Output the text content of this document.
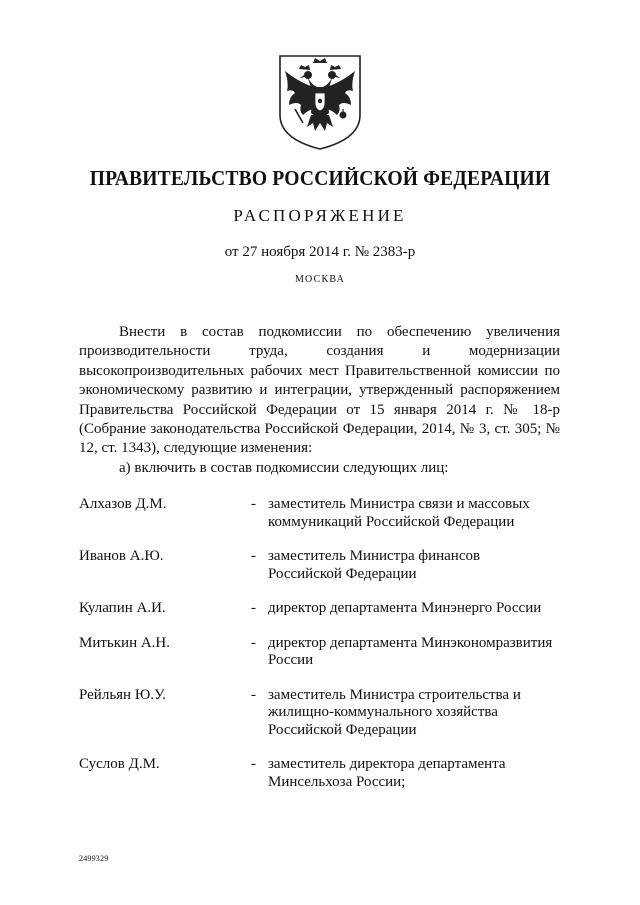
ПРАВИТЕЛЬСТВО РОССИЙСКОЙ ФЕДЕРАЦИИ
РАСПОРЯЖЕНИЕ
от 27 ноября 2014 г. № 2383-р
МОСКВА

Внести в состав подкомиссии по обеспечению увеличения производительности труда, создания и модернизации высокопроизводительных рабочих мест Правительственной комиссии по экономическому развитию и интеграции, утвержденный распоряжением Правительства Российской Федерации от 15 января 2014 г. № 18-р (Собрание законодательства Российской Федерации, 2014, № 3, ст. 305; № 12, ст. 1343), следующие изменения:

а) включить в состав подкомиссии следующих лиц:

Алхазов Д.М.	- заместитель Министра связи и массовых
коммуникаций Российской Федерации
Иванов А.Ю.	- заместитель Министра финансов
Российской Федерации
Кулапин А.И.	- директор департамента Минэнерго России
Митькин А.Н.	- директор департамента Минэкономразвития
России
Рейльян Ю.У.	- заместитель Министра строительства и
жилищно-коммунального хозяйства
Российской Федерации
Суслов Д.М.	- заместитель директора департамента
Минсельхоза России;
2499329
